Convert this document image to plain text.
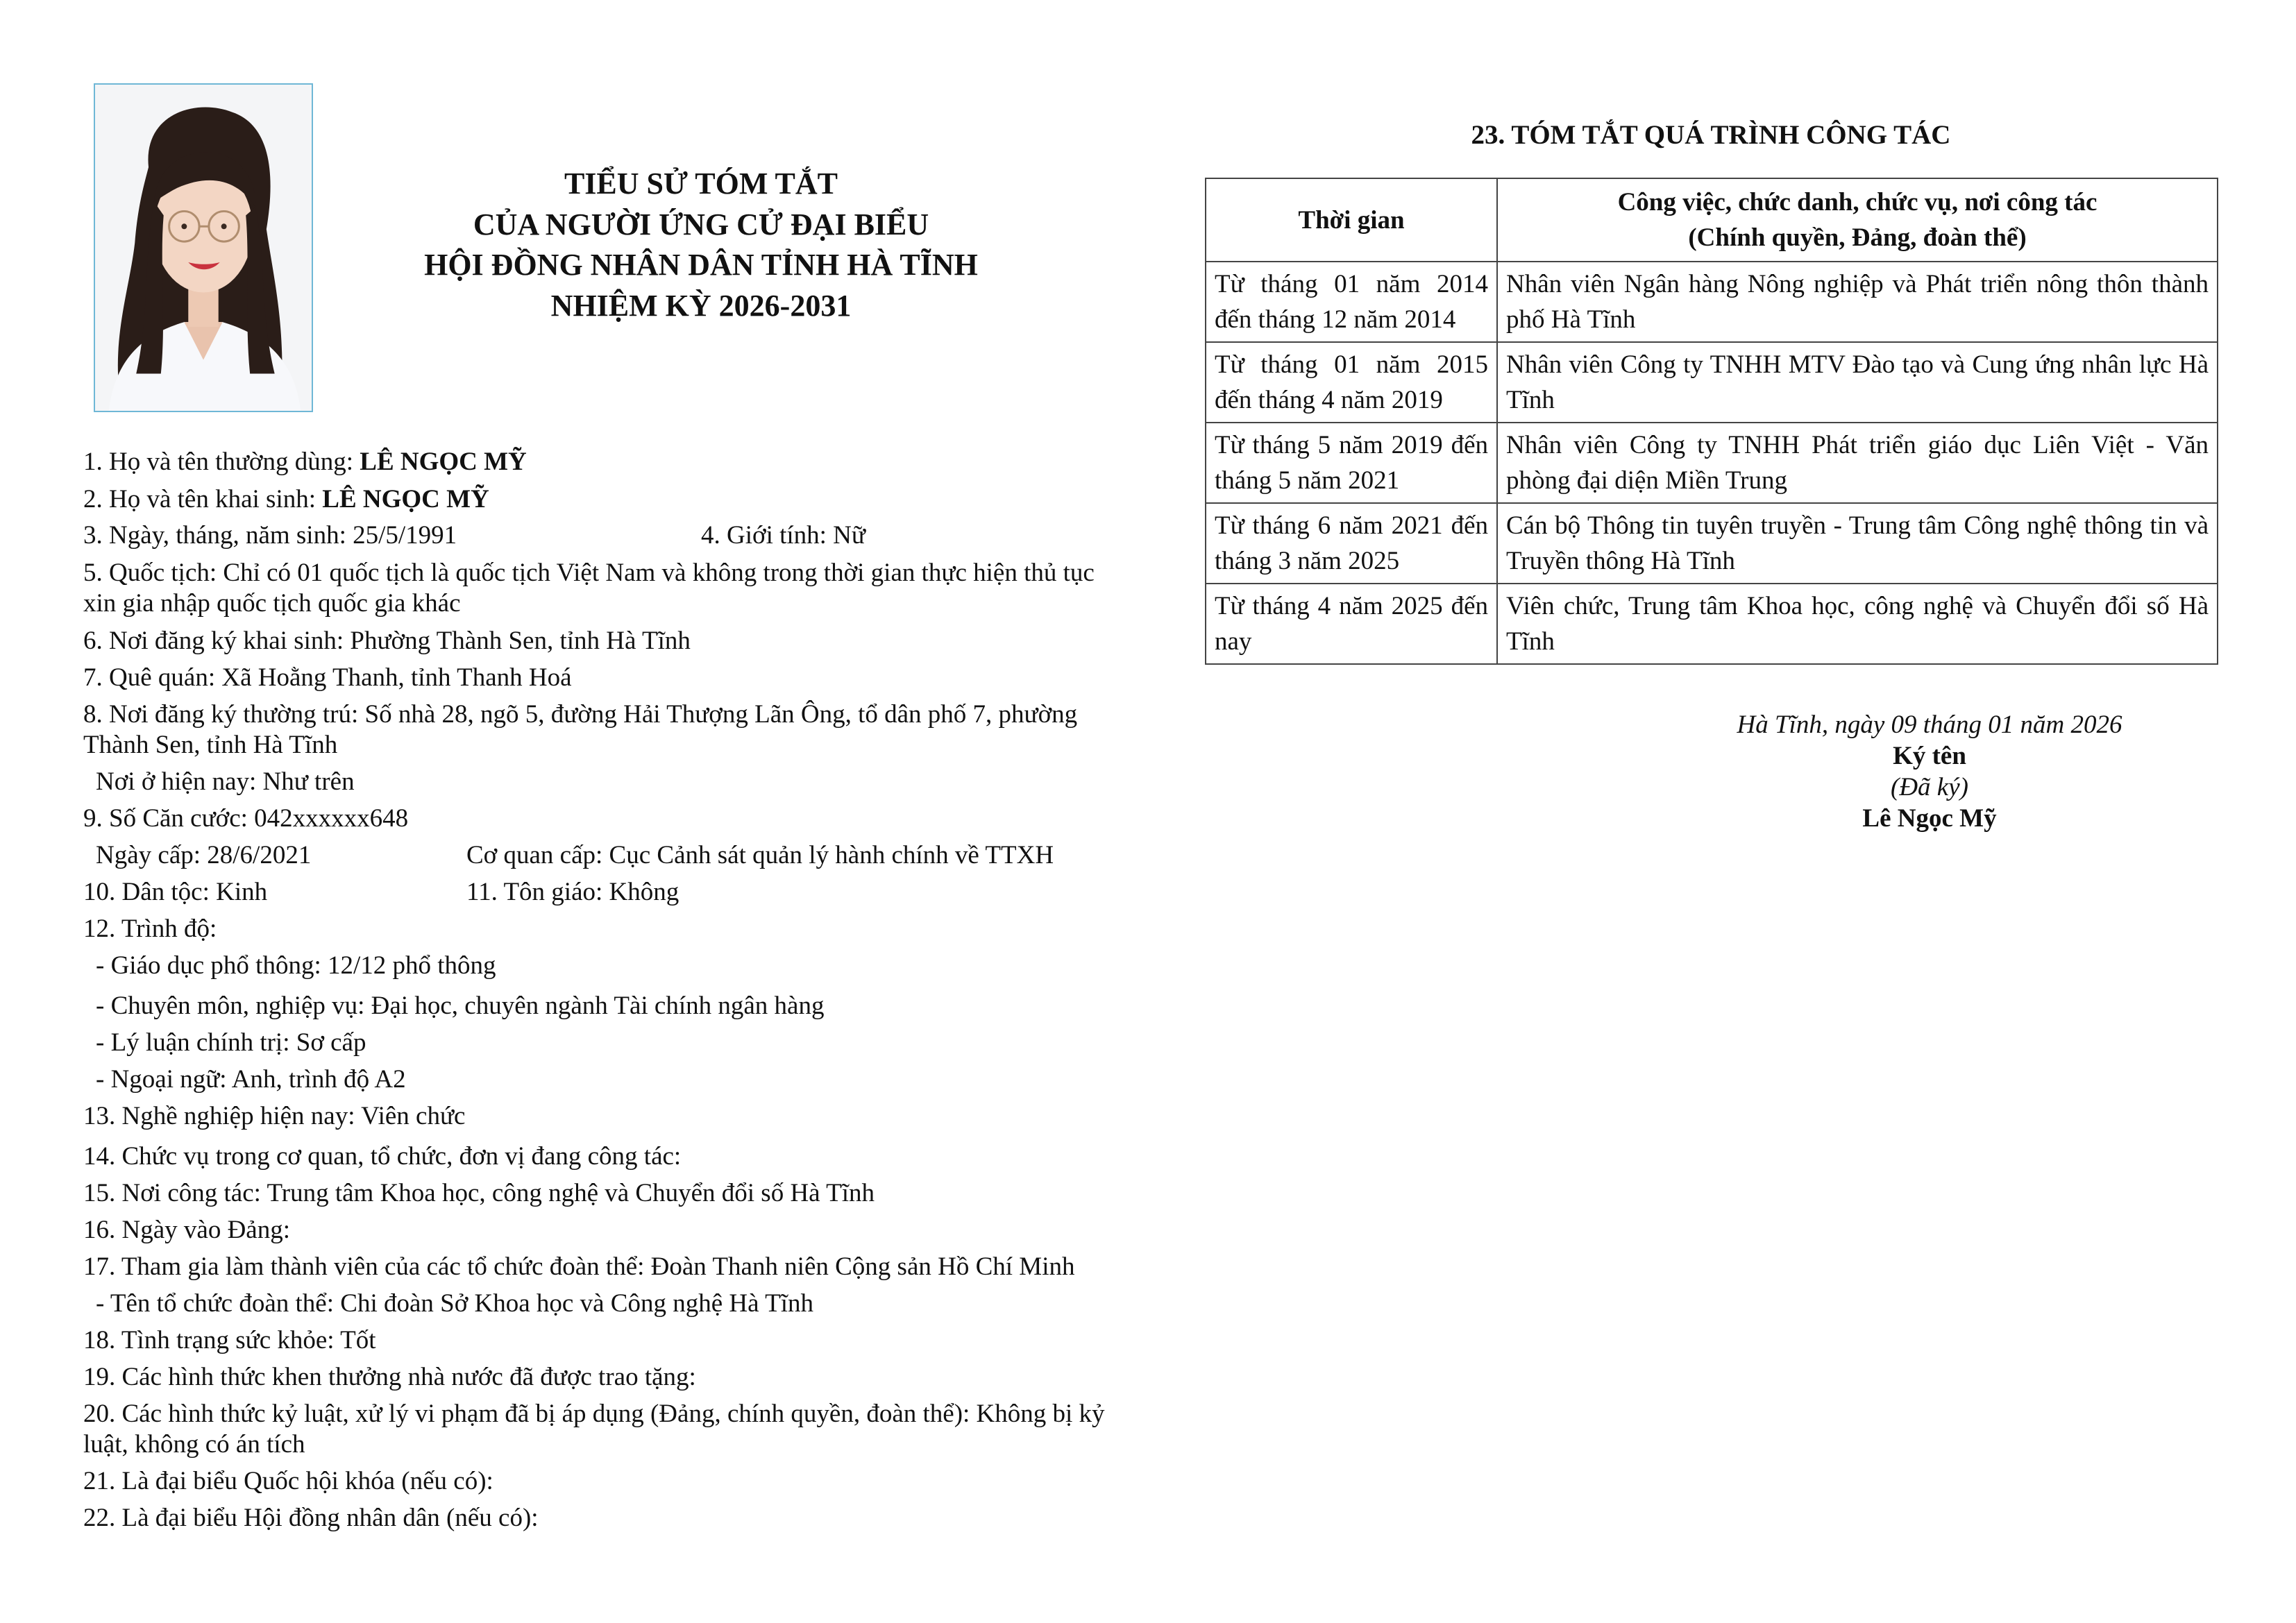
TIỂU SỬ TÓM TẮT
CỦA NGƯỜI ỨNG CỬ ĐẠI BIỂU
HỘI ĐỒNG NHÂN DÂN TỈNH HÀ TĨNH
NHIỆM KỲ 2026-2031
1. Họ và tên thường dùng: LÊ NGỌC MỸ
2. Họ và tên khai sinh: LÊ NGỌC MỸ
3. Ngày, tháng, năm sinh: 25/5/1991	4. Giới tính: Nữ
5. Quốc tịch: Chỉ có 01 quốc tịch là quốc tịch Việt Nam và không trong thời gian thực hiện thủ tục xin gia nhập quốc tịch quốc gia khác
6. Nơi đăng ký khai sinh: Phường Thành Sen, tỉnh Hà Tĩnh
7. Quê quán: Xã Hoằng Thanh, tỉnh Thanh Hoá
8. Nơi đăng ký thường trú: Số nhà 28, ngõ 5, đường Hải Thượng Lãn Ông, tổ dân phố 7, phường Thành Sen, tỉnh Hà Tĩnh
Nơi ở hiện nay: Như trên
9. Số Căn cước: 042xxxxxx648
Ngày cấp: 28/6/2021	Cơ quan cấp: Cục Cảnh sát quản lý hành chính về TTXH
10. Dân tộc: Kinh	11. Tôn giáo: Không
12. Trình độ:
- Giáo dục phổ thông: 12/12 phổ thông
- Chuyên môn, nghiệp vụ: Đại học, chuyên ngành Tài chính ngân hàng
- Lý luận chính trị: Sơ cấp
- Ngoại ngữ: Anh, trình độ A2
13. Nghề nghiệp hiện nay: Viên chức
14. Chức vụ trong cơ quan, tổ chức, đơn vị đang công tác:
15. Nơi công tác: Trung tâm Khoa học, công nghệ và Chuyển đổi số Hà Tĩnh
16. Ngày vào Đảng:
17. Tham gia làm thành viên của các tổ chức đoàn thể: Đoàn Thanh niên Cộng sản Hồ Chí Minh
- Tên tổ chức đoàn thể: Chi đoàn Sở Khoa học và Công nghệ Hà Tĩnh
18. Tình trạng sức khỏe: Tốt
19. Các hình thức khen thưởng nhà nước đã được trao tặng:
20. Các hình thức kỷ luật, xử lý vi phạm đã bị áp dụng (Đảng, chính quyền, đoàn thể): Không bị kỷ luật, không có án tích
21. Là đại biểu Quốc hội khóa (nếu có):
22. Là đại biểu Hội đồng nhân dân (nếu có):
23. TÓM TẮT QUÁ TRÌNH CÔNG TÁC
Thời gian	Công việc, chức danh, chức vụ, nơi công tác
(Chính quyền, Đảng, đoàn thể)

Từ tháng 01 năm 2014 đến tháng 12 năm 2014	Nhân viên Ngân hàng Nông nghiệp và Phát triển nông thôn thành phố Hà Tĩnh
Từ tháng 01 năm 2015 đến tháng 4 năm 2019	Nhân viên Công ty TNHH MTV Đào tạo và Cung ứng nhân lực Hà Tĩnh
Từ tháng 5 năm 2019 đến tháng 5 năm 2021	Nhân viên Công ty TNHH Phát triển giáo dục Liên Việt - Văn phòng đại diện Miền Trung
Từ tháng 6 năm 2021 đến tháng 3 năm 2025	Cán bộ Thông tin tuyên truyền - Trung tâm Công nghệ thông tin và Truyền thông Hà Tĩnh
Từ tháng 4 năm 2025 đến nay	Viên chức, Trung tâm Khoa học, công nghệ và Chuyển đổi số Hà Tĩnh
Hà Tĩnh, ngày 09 tháng 01 năm 2026
Ký tên
(Đã ký)
Lê Ngọc Mỹ
